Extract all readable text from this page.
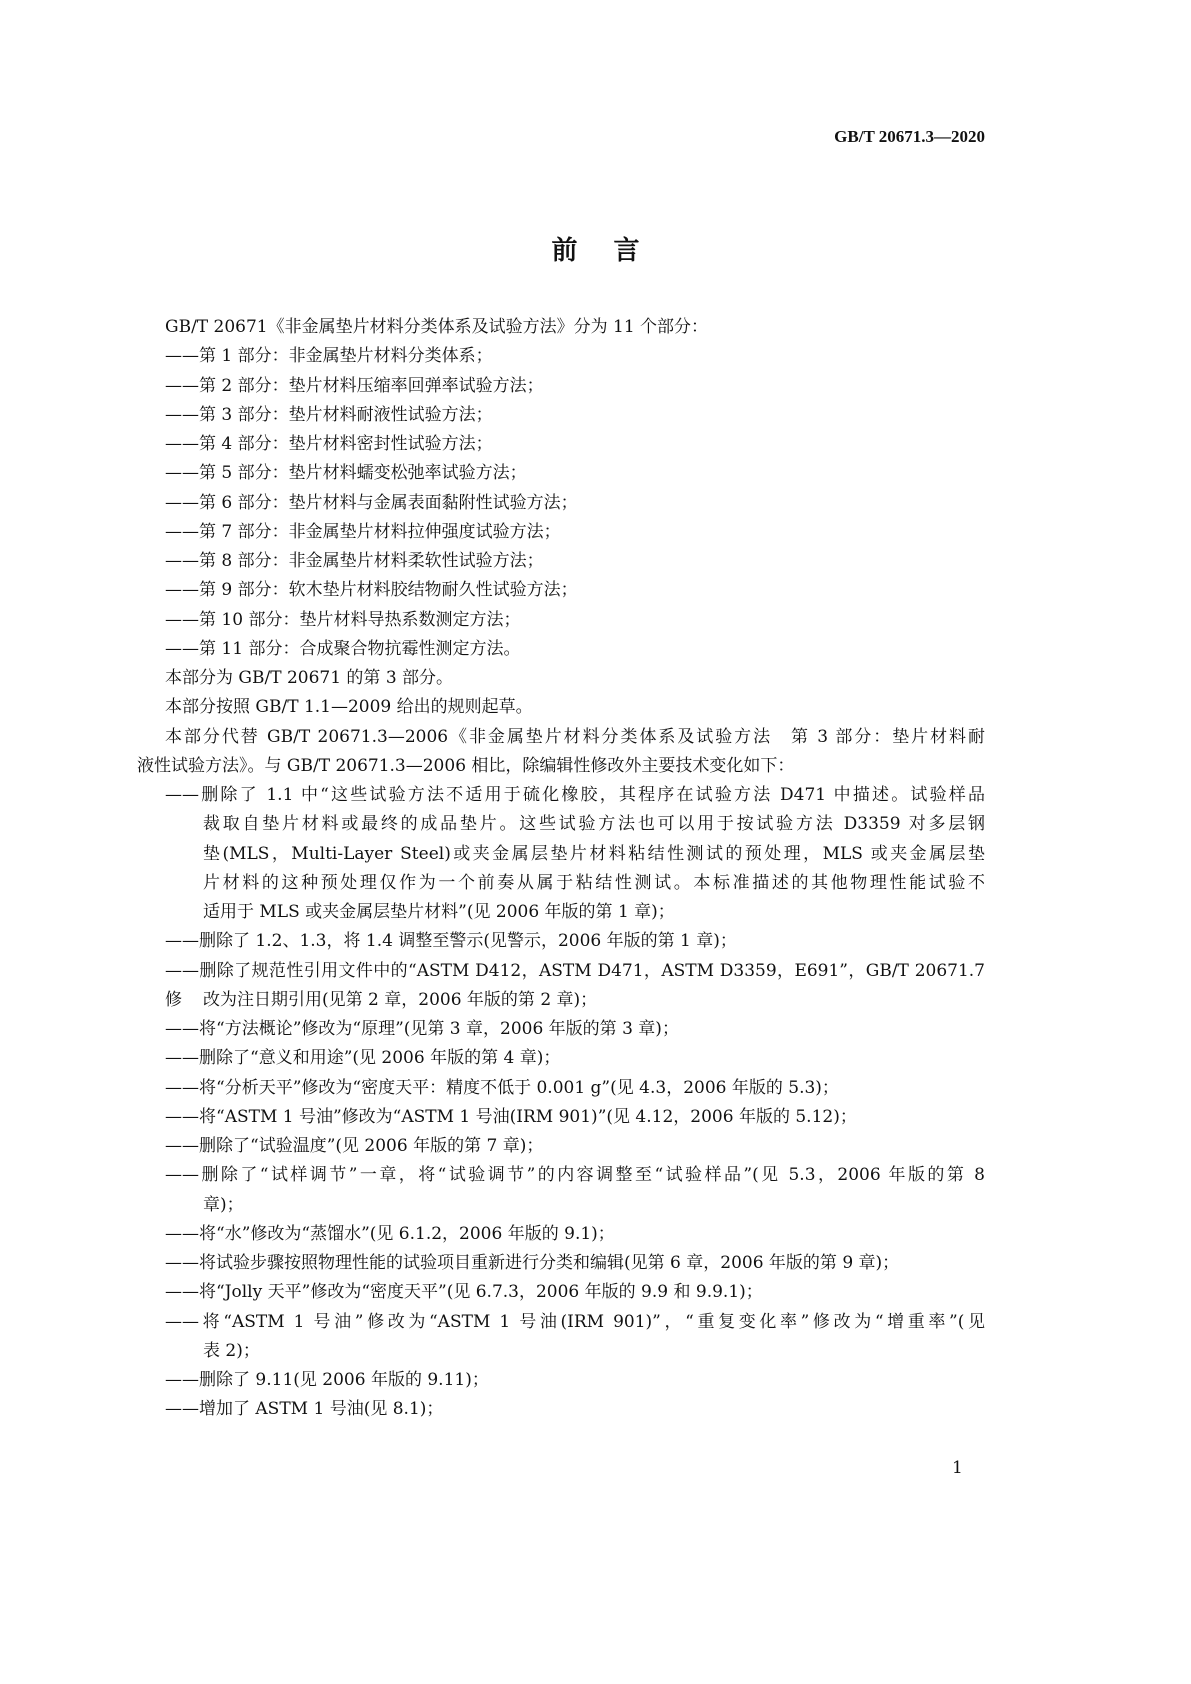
GB/T 20671.3—2020
前言
GB/T 20671《非金属垫片材料分类体系及试验方法》分为 11 个部分：
——第 1 部分：非金属垫片材料分类体系；
——第 2 部分：垫片材料压缩率回弹率试验方法；
——第 3 部分：垫片材料耐液性试验方法；
——第 4 部分：垫片材料密封性试验方法；
——第 5 部分：垫片材料蠕变松弛率试验方法；
——第 6 部分：垫片材料与金属表面黏附性试验方法；
——第 7 部分：非金属垫片材料拉伸强度试验方法；
——第 8 部分：非金属垫片材料柔软性试验方法；
——第 9 部分：软木垫片材料胶结物耐久性试验方法；
——第 10 部分：垫片材料导热系数测定方法；
——第 11 部分：合成聚合物抗霉性测定方法。
本部分为 GB/T 20671 的第 3 部分。
本部分按照 GB/T 1.1—2009 给出的规则起草。
本部分代替 GB/T 20671.3—2006《非金属垫片材料分类体系及试验方法　第 3 部分：垫片材料耐
液性试验方法》。与 GB/T 20671.3—2006 相比，除编辑性修改外主要技术变化如下：
——删除了 1.1 中“这些试验方法不适用于硫化橡胶，其程序在试验方法 D471 中描述。试验样品
裁取自垫片材料或最终的成品垫片。这些试验方法也可以用于按试验方法 D3359 对多层钢
垫(MLS，Multi-Layer Steel)或夹金属层垫片材料粘结性测试的预处理，MLS 或夹金属层垫
片材料的这种预处理仅作为一个前奏从属于粘结性测试。本标准描述的其他物理性能试验不
适用于 MLS 或夹金属层垫片材料”(见 2006 年版的第 1 章)；
——删除了 1.2、1.3，将 1.4 调整至警示(见警示，2006 年版的第 1 章)；
——删除了规范性引用文件中的“ASTM D412，ASTM D471，ASTM D3359，E691”，GB/T 20671.7 修	改为注日期引用(见第 2 章，2006 年版的第 2 章)；
——将“方法概论”修改为“原理”(见第 3 章，2006 年版的第 3 章)；
——删除了“意义和用途”(见 2006 年版的第 4 章)；
——将“分析天平”修改为“密度天平：精度不低于 0.001 g”(见 4.3，2006 年版的 5.3)；
——将“ASTM 1 号油”修改为“ASTM 1 号油(IRM 901)”(见 4.12，2006 年版的 5.12)；
——删除了“试验温度”(见 2006 年版的第 7 章)；
——删除了“试样调节”一章，将“试验调节”的内容调整至“试验样品”(见 5.3，2006 年版的第 8
章)；
——将“水”修改为“蒸馏水”(见 6.1.2，2006 年版的 9.1)；
——将试验步骤按照物理性能的试验项目重新进行分类和编辑(见第 6 章，2006 年版的第 9 章)；
——将“Jolly 天平”修改为“密度天平”(见 6.7.3，2006 年版的 9.9 和 9.9.1)；
——将“ASTM 1 号油”修改为“ASTM 1 号油(IRM 901)”，“重复变化率”修改为“增重率”(见
表 2)；
——删除了 9.11(见 2006 年版的 9.11)；
——增加了 ASTM 1 号油(见 8.1)；
1
